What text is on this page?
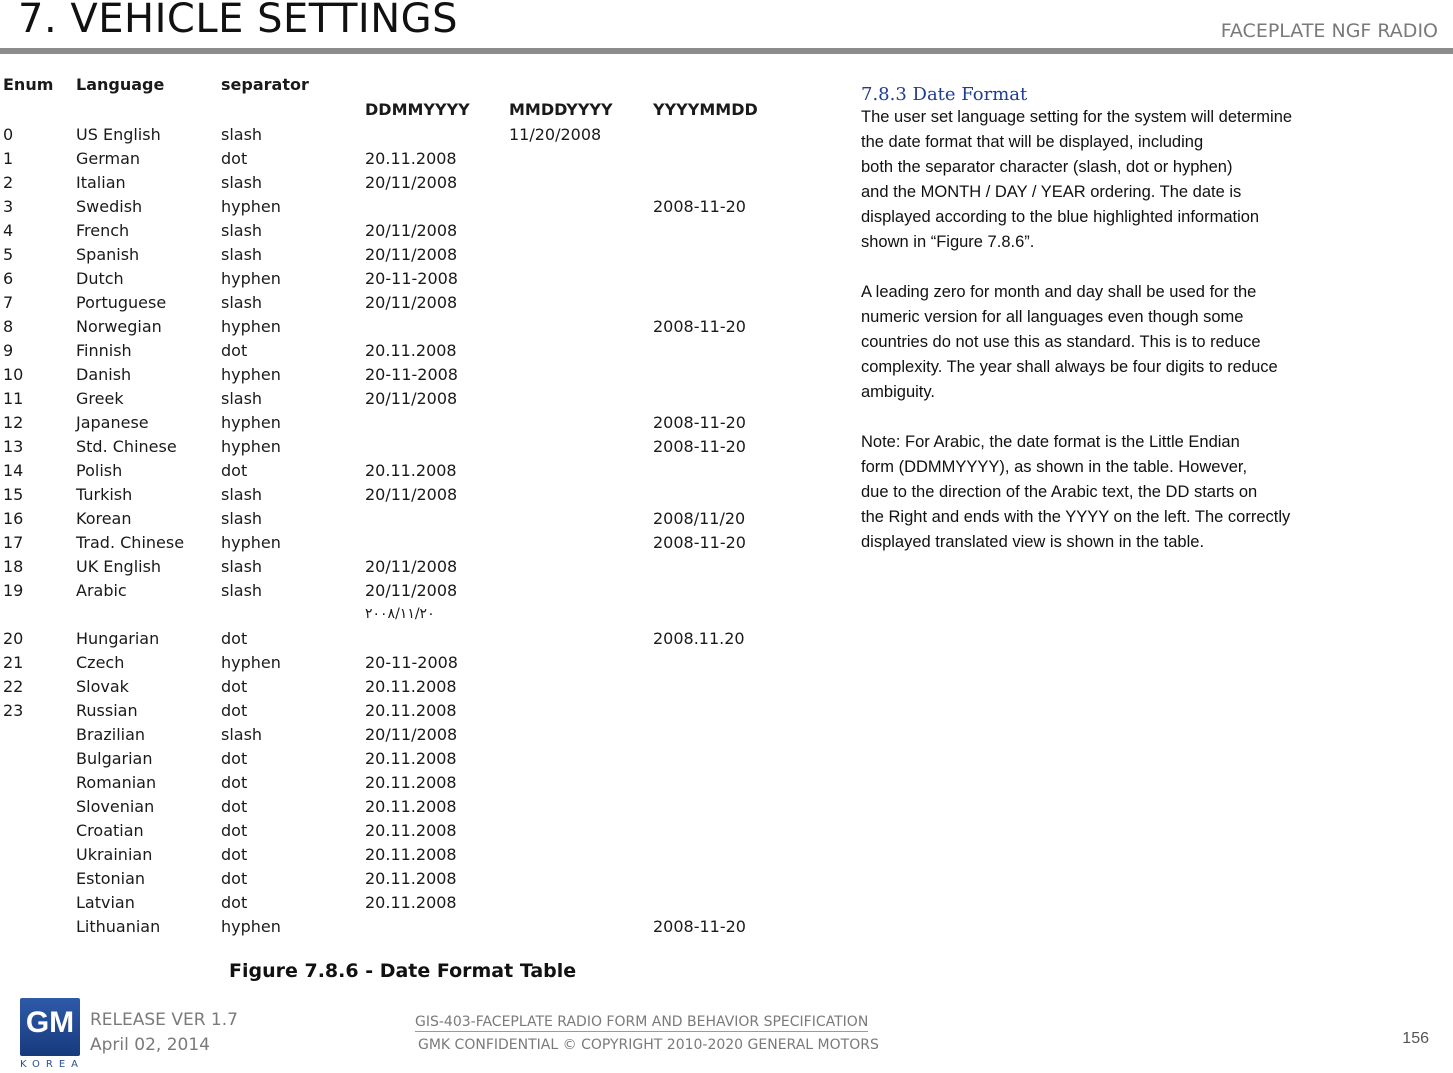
7. VEHICLE SETTINGS	FACEPLATE NGF RADIO
Enum	Language	separator			
			DDMMYYYY	MMDDYYYY	YYYYMMDD
0	US English	slash		11/20/2008	
1	German	dot	20.11.2008		
2	Italian	slash	20/11/2008		
3	Swedish	hyphen			2008-11-20
4	French	slash	20/11/2008		
5	Spanish	slash	20/11/2008		
6	Dutch	hyphen	20-11-2008		
7	Portuguese	slash	20/11/2008		
8	Norwegian	hyphen			2008-11-20
9	Finnish	dot	20.11.2008		
10	Danish	hyphen	20-11-2008		
11	Greek	slash	20/11/2008		
12	Japanese	hyphen			2008-11-20
13	Std. Chinese	hyphen			2008-11-20
14	Polish	dot	20.11.2008		
15	Turkish	slash	20/11/2008		
16	Korean	slash			2008/11/20
17	Trad. Chinese	hyphen			2008-11-20
18	UK English	slash	20/11/2008		
19	Arabic	slash	20/11/2008		
			٢٠٠٨/١١/٢٠		
20	Hungarian	dot			2008.11.20
21	Czech	hyphen	20-11-2008		
22	Slovak	dot	20.11.2008		
23	Russian	dot	20.11.2008		
	Brazilian	slash	20/11/2008		
	Bulgarian	dot	20.11.2008		
	Romanian	dot	20.11.2008		
	Slovenian	dot	20.11.2008		
	Croatian	dot	20.11.2008		
	Ukrainian	dot	20.11.2008		
	Estonian	dot	20.11.2008		
	Latvian	dot	20.11.2008		
	Lithuanian	hyphen			2008-11-20
Figure 7.8.6 - Date Format Table
7.8.3 Date Format

The user set language setting for the system will determine
the date format that will be displayed, including
both the separator character (slash, dot or hyphen)
and the MONTH / DAY / YEAR ordering. The date is
displayed according to the blue highlighted information
shown in “Figure 7.8.6”.

A leading zero for month and day shall be used for the
numeric version for all languages even though some
countries do not use this as standard. This is to reduce
complexity. The year shall always be four digits to reduce
ambiguity.

Note: For Arabic, the date format is the Little Endian
form (DDMMYYYY), as shown in the table. However,
due to the direction of the Arabic text, the DD starts on
the Right and ends with the YYYY on the left. The correctly
displayed translated view is shown in the table.

GM
KOREA
RELEASE VER 1.7
April 02, 2014
GIS-403-FACEPLATE RADIO FORM AND BEHAVIOR SPECIFICATION
GMK CONFIDENTIAL © COPYRIGHT 2010-2020 GENERAL MOTORS	156
